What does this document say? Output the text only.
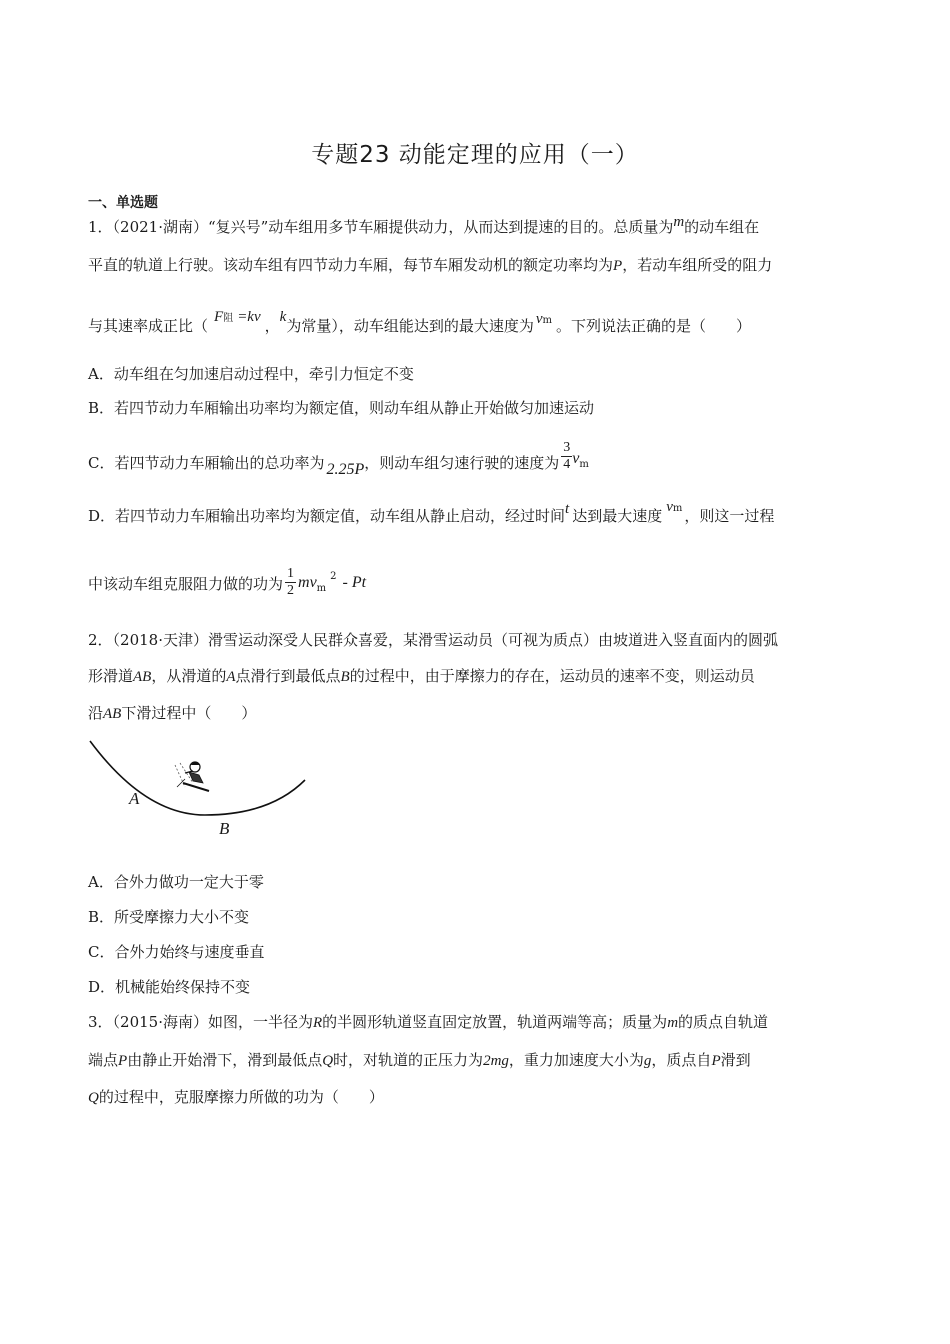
专题23 动能定理的应用（一）
一、单选题
1．（2021·湖南）“复兴号”动车组用多节车厢提供动力，从而达到提速的目的。总质量为m的动车组在
平直的轨道上行驶。该动车组有四节动力车厢，每节车厢发动机的额定功率均为P，若动车组所受的阻力
与其速率成正比（ F阻 =kv ，k为常量），动车组能达到的最大速度为 vm 。下列说法正确的是（　　）
A．动车组在匀加速启动过程中，牵引力恒定不变
B．若四节动力车厢输出功率均为额定值，则动车组从静止开始做匀加速运动
C．若四节动力车厢输出的总功率为 2.25P，则动车组匀速行驶的速度为 $\frac{3}{4} v_m$
D．若四节动力车厢输出功率均为额定值，动车组从静止启动，经过时间t 达到最大速度 vm ，则这一过程
中该动车组克服阻力做的功为 $\frac{1}{2} mv_m^2$ - Pt
2．（2018·天津）滑雪运动深受人民群众喜爱，某滑雪运动员（可视为质点）由坡道进入竖直面内的圆弧
形滑道AB，从滑道的A点滑行到最低点B的过程中，由于摩擦力的存在，运动员的速率不变，则运动员
沿AB下滑过程中（　　）
A
B
A．合外力做功一定大于零
B．所受摩擦力大小不变
C．合外力始终与速度垂直
D．机械能始终保持不变
3．（2015·海南）如图，一半径为R的半圆形轨道竖直固定放置，轨道两端等高；质量为m的质点自轨道
端点P由静止开始滑下，滑到最低点Q时，对轨道的正压力为2mg，重力加速度大小为g，质点自P滑到
Q的过程中，克服摩擦力所做的功为（　　）
